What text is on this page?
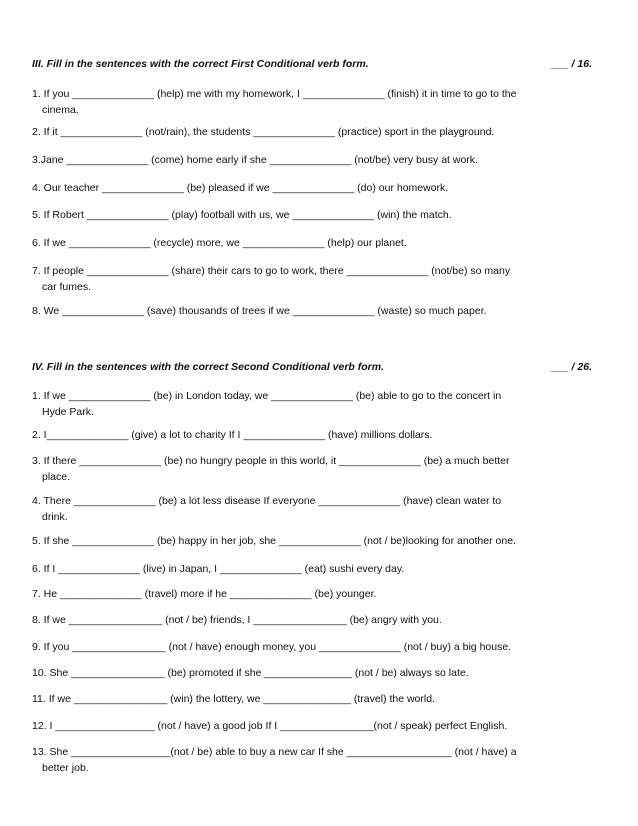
III. Fill in the sentences with the correct First Conditional verb form.	___ / 16.
1. If you ______________ (help) me with my homework, I ______________ (finish) it in time to go to the
cinema.
2. If it ______________ (not/rain), the students ______________ (practice) sport in the playground.
3.Jane ______________ (come) home early if she ______________ (not/be) very busy at work.
4. Our teacher ______________ (be) pleased if we ______________ (do) our homework.
5. If Robert ______________ (play) football with us, we ______________ (win) the match.
6. If we ______________ (recycle) more, we ______________ (help) our planet.
7. If people ______________ (share) their cars to go to work, there ______________ (not/be) so many
car fumes.
8. We ______________ (save) thousands of trees if we ______________ (waste) so much paper.
IV. Fill in the sentences with the correct Second Conditional verb form.	___ / 26.
1. If we ______________ (be) in London today, we ______________ (be) able to go to the concert in
Hyde Park.
2. I______________ (give) a lot to charity If I ______________ (have) millions dollars.
3. If there ______________ (be) no hungry people in this world, it ______________ (be) a much better
place.
4. There ______________ (be) a lot less disease If everyone ______________ (have) clean water to
drink.
5. If she ______________ (be) happy in her job, she ______________ (not / be)looking for another one.
6. If I ______________ (live) in Japan, I ______________ (eat) sushi every day.
7. He ______________ (travel) more if he ______________ (be) younger.
8. If we ________________ (not / be) friends, I ________________ (be) angry with you.
9. If you ________________ (not / have) enough money, you ______________ (not / buy) a big house.
10. She ________________ (be) promoted if she _______________ (not / be) always so late.
11. If we ________________ (win) the lottery, we _______________ (travel) the world.
12. I _________________ (not / have) a good job If I ________________(not / speak) perfect English.
13. She _________________(not / be) able to buy a new car If she __________________ (not / have) a
better job.
